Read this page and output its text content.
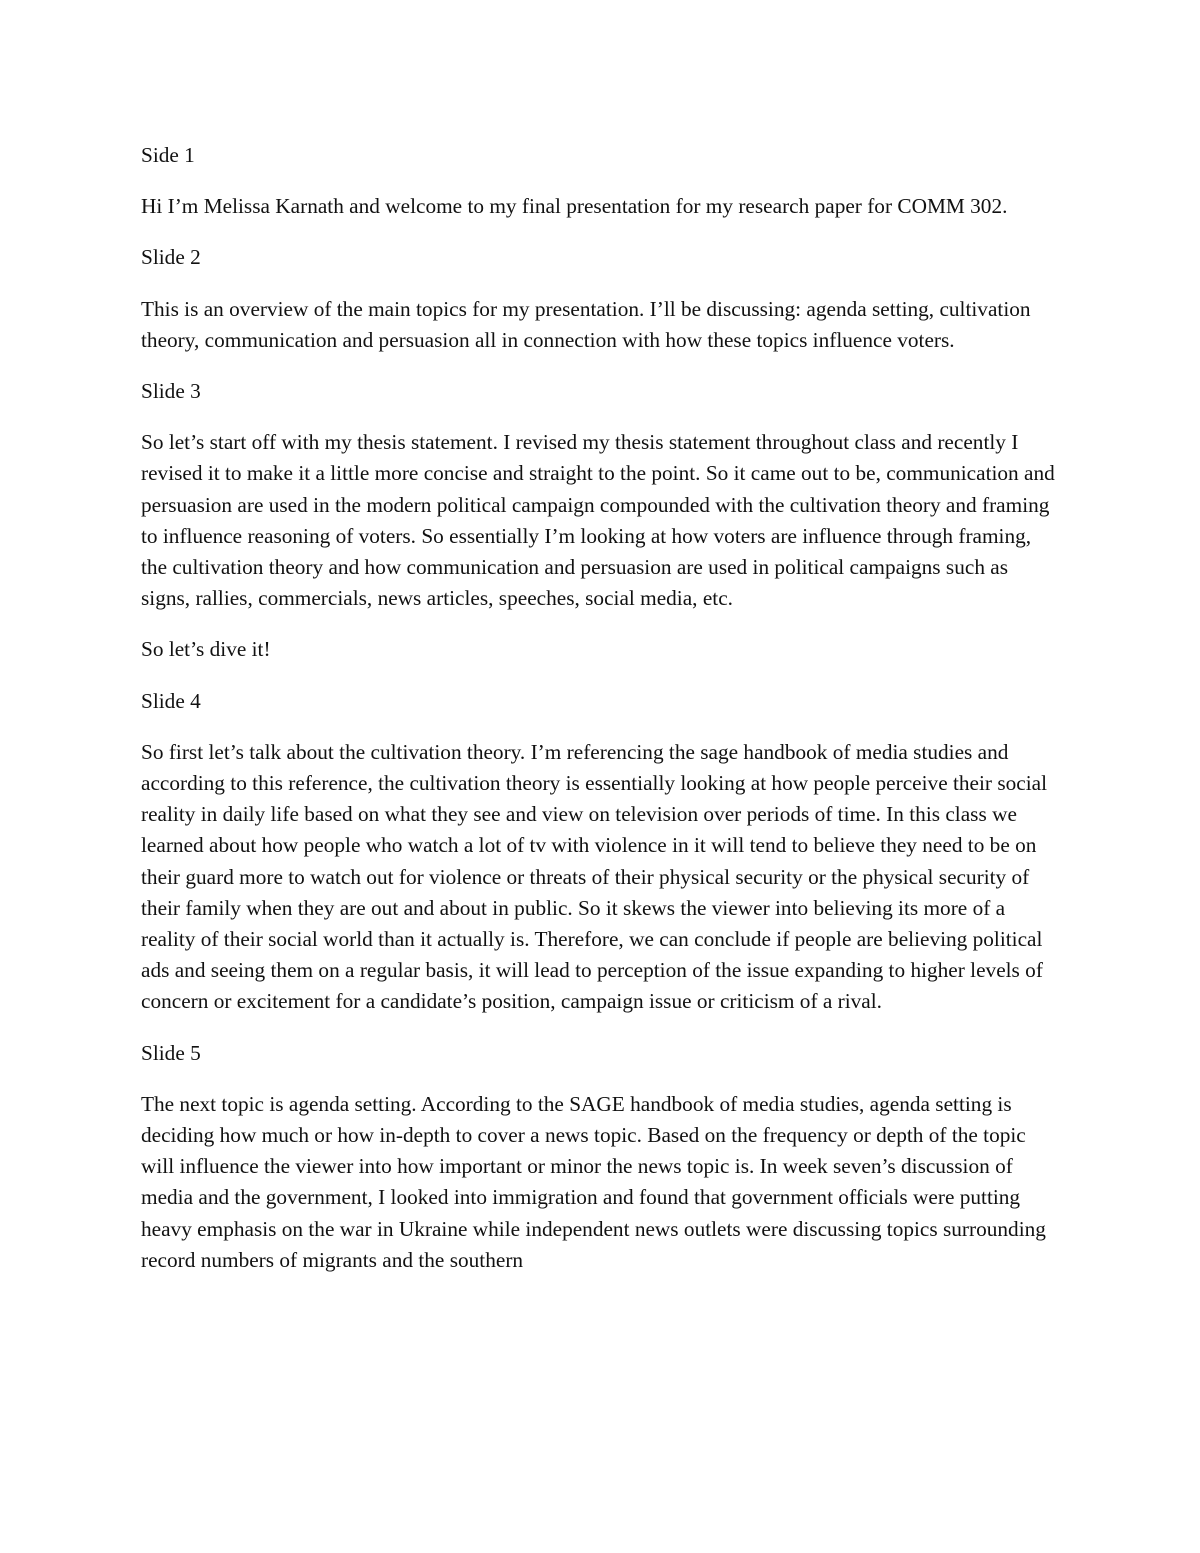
Side 1

Hi I’m Melissa Karnath and welcome to my final presentation for my research paper for COMM 302.

Slide 2

This is an overview of the main topics for my presentation. I’ll be discussing: agenda setting, cultivation theory, communication and persuasion all in connection with how these topics influence voters.

Slide 3

So let’s start off with my thesis statement. I revised my thesis statement throughout class and recently I revised it to make it a little more concise and straight to the point. So it came out to be, communication and persuasion are used in the modern political campaign compounded with the cultivation theory and framing to influence reasoning of voters. So essentially I’m looking at how voters are influence through framing, the cultivation theory and how communication and persuasion are used in political campaigns such as signs, rallies, commercials, news articles, speeches, social media, etc.

So let’s dive it!

Slide 4

So first let’s talk about the cultivation theory. I’m referencing the sage handbook of media studies and according to this reference, the cultivation theory is essentially looking at how people perceive their social reality in daily life based on what they see and view on television over periods of time. In this class we learned about how people who watch a lot of tv with violence in it will tend to believe they need to be on their guard more to watch out for violence or threats of their physical security or the physical security of their family when they are out and about in public. So it skews the viewer into believing its more of a reality of their social world than it actually is. Therefore, we can conclude if people are believing political ads and seeing them on a regular basis, it will lead to perception of the issue expanding to higher levels of concern or excitement for a candidate’s position, campaign issue or criticism of a rival.

Slide 5

The next topic is agenda setting. According to the SAGE handbook of media studies, agenda setting is deciding how much or how in-depth to cover a news topic. Based on the frequency or depth of the topic will influence the viewer into how important or minor the news topic is. In week seven’s discussion of media and the government, I looked into immigration and found that government officials were putting heavy emphasis on the war in Ukraine while independent news outlets were discussing topics surrounding record numbers of migrants and the southern
